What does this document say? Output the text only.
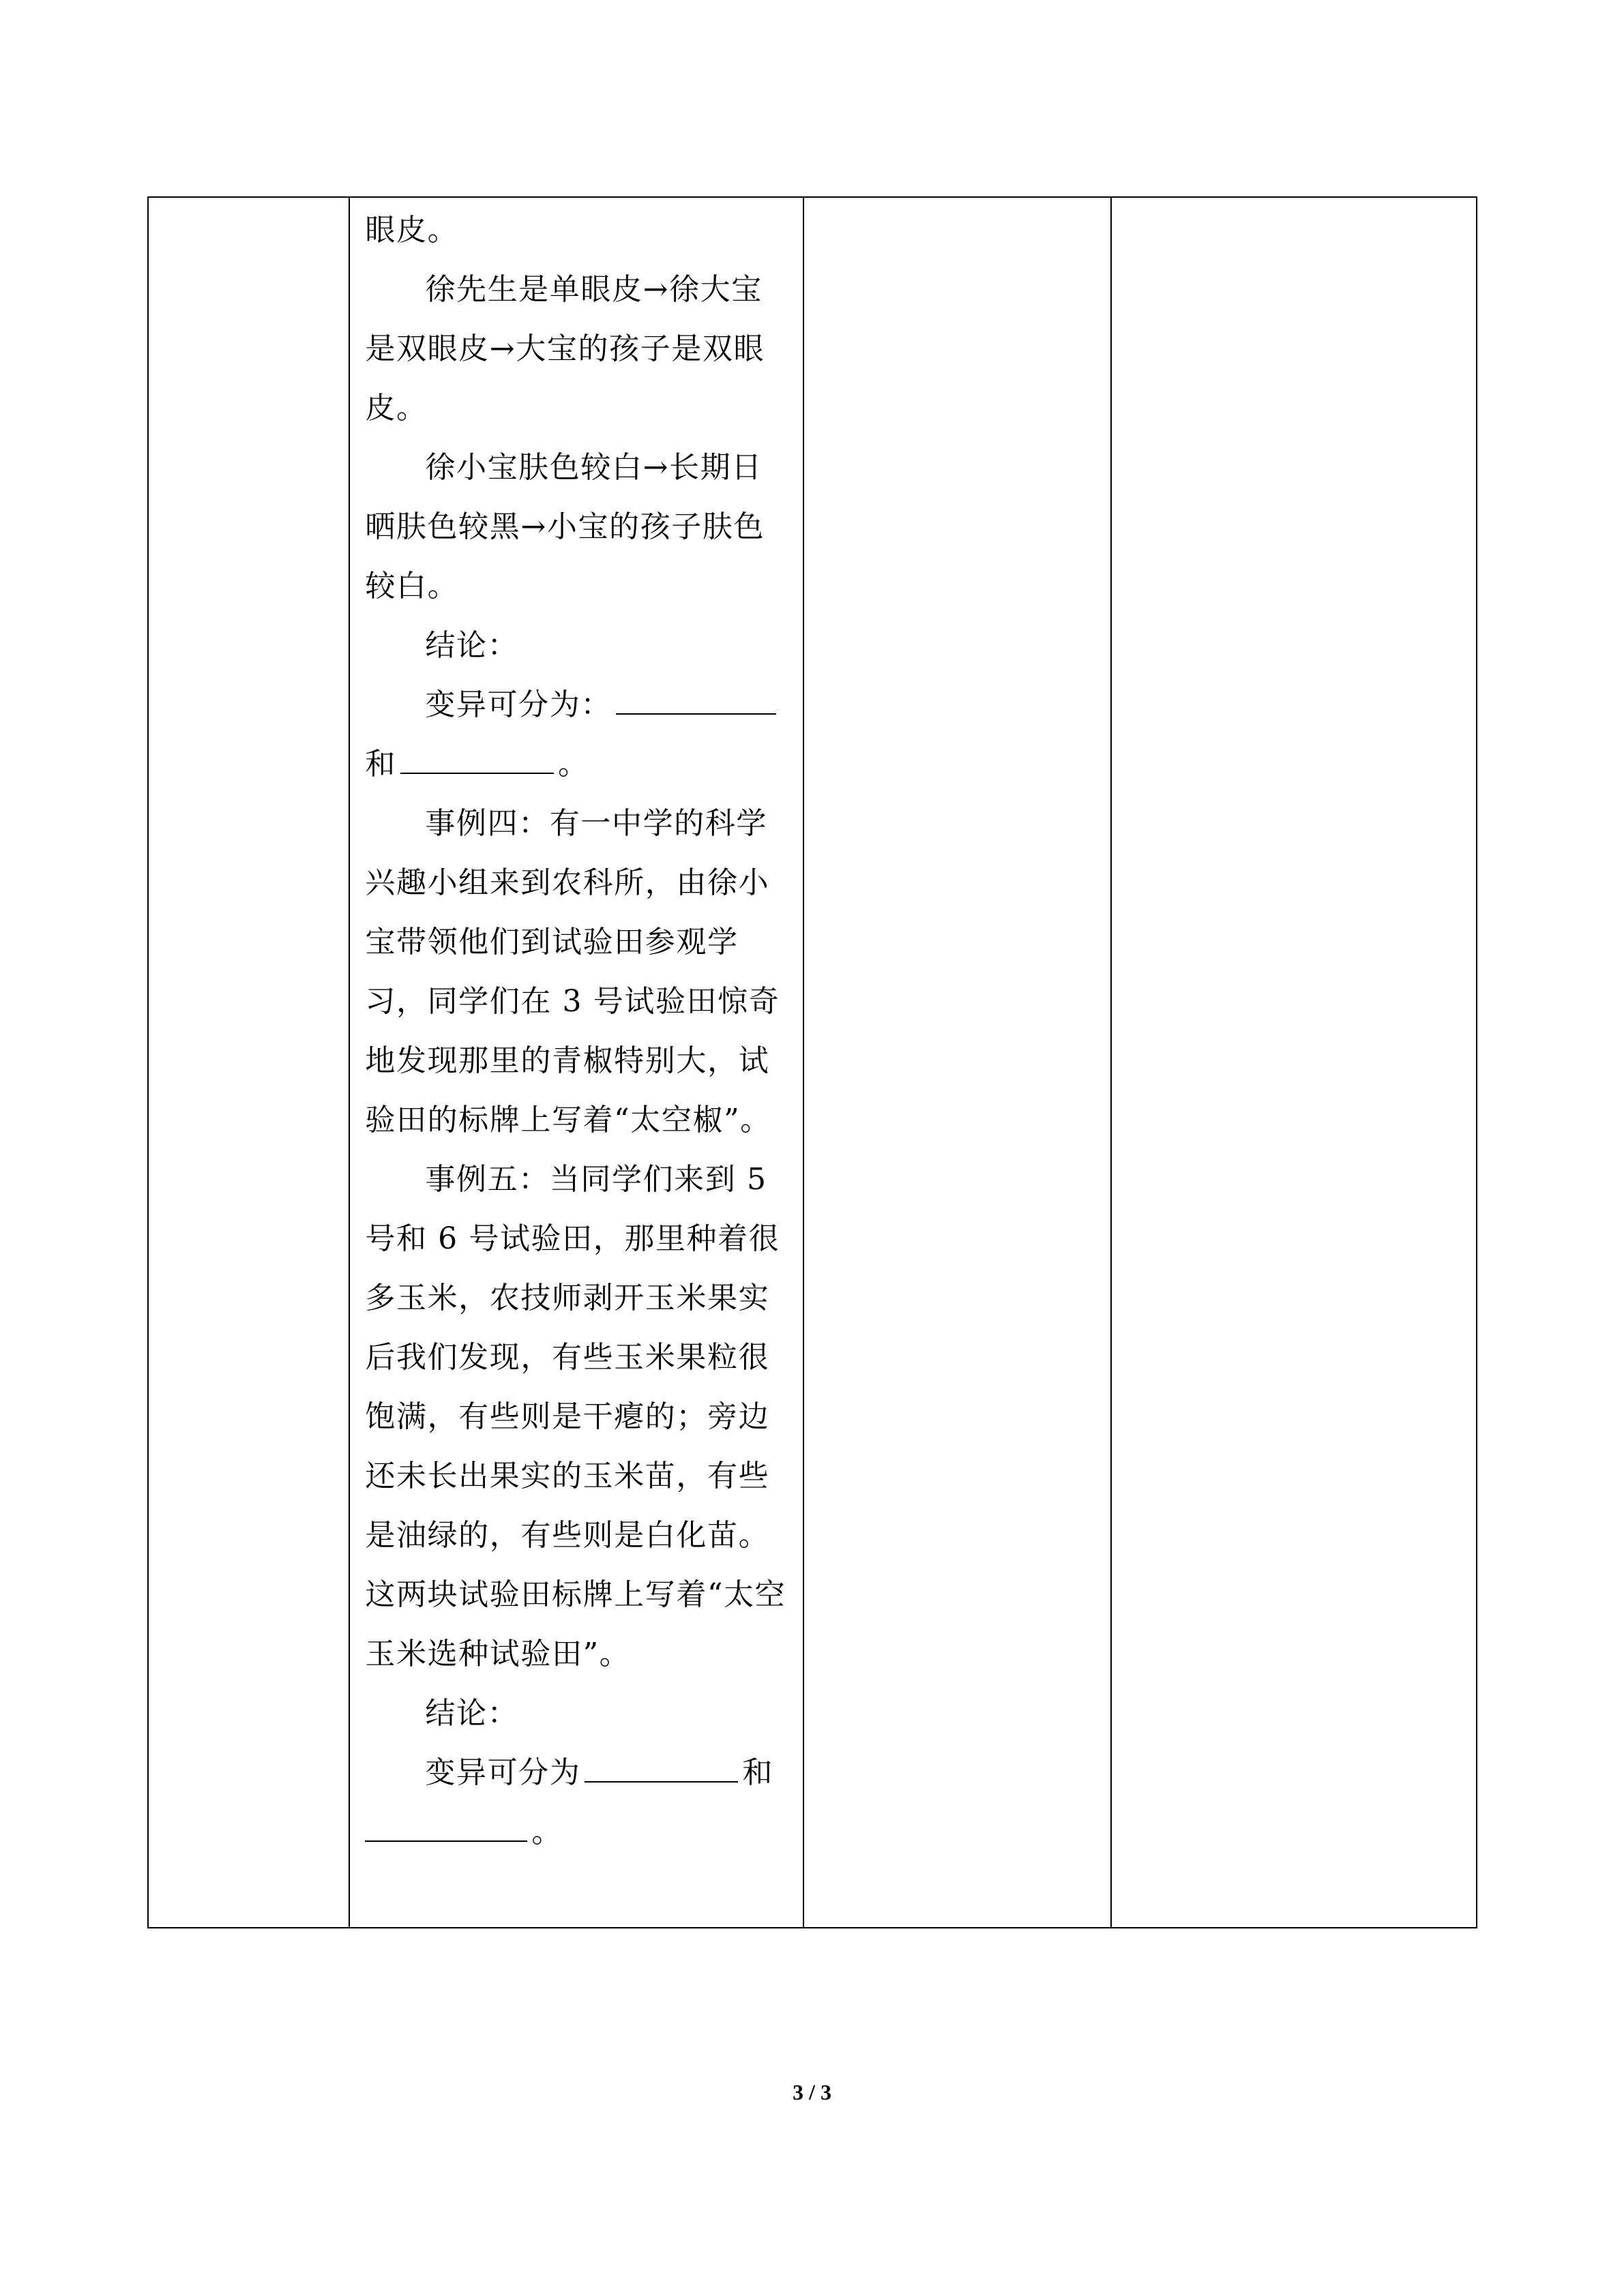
眼皮。

徐先生是单眼皮→徐大宝是双眼皮→大宝的孩子是双眼皮。

徐小宝肤色较白→长期日晒肤色较黑→小宝的孩子肤色较白。

结论：

变异可分为：

和	。

事例四：有一中学的科学兴趣小组来到农科所，由徐小宝带领他们到试验田参观学习，同学们在 3 号试验田惊奇地发现那里的青椒特别大，试验田的标牌上写着“太空椒”。

事例五：当同学们来到 5 号和 6 号试验田，那里种着很多玉米，农技师剥开玉米果实后我们发现，有些玉米果粒很饱满，有些则是干瘪的；旁边还未长出果实的玉米苗，有些是油绿的，有些则是白化苗。这两块试验田标牌上写着“太空玉米选种试验田”。

结论：

变异可分为	和

。

3 / 3
